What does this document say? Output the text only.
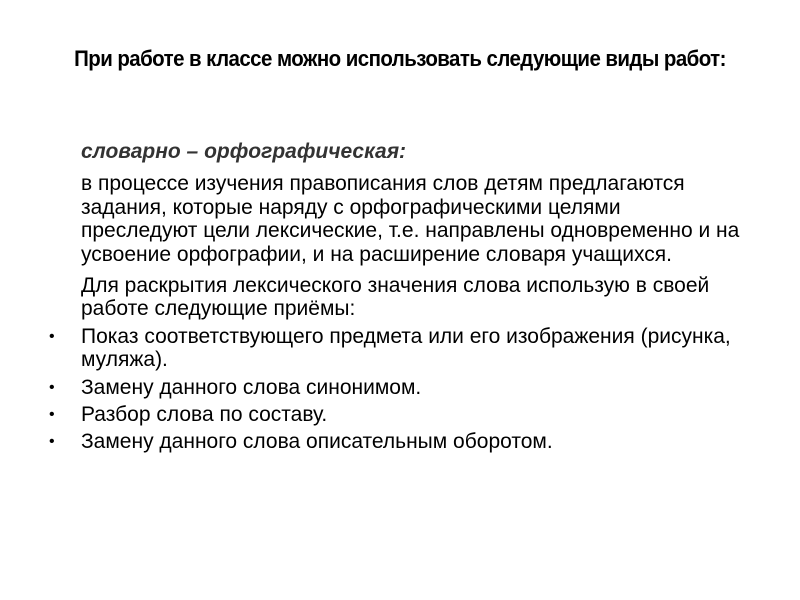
При работе в классе можно использовать следующие виды работ:

словарно – орфографическая:

в процессе изучения правописания слов детям предлагаются задания, которые наряду с орфографическими целями преследуют цели лексические, т.е. направлены одновременно и на усвоение орфографии, и на расширение словаря учащихся.

Для раскрытия лексического значения слова использую в своей работе следующие приёмы:

• Показ соответствующего предмета или его изображения (рисунка, муляжа).
• Замену данного слова синонимом.
• Разбор слова по составу.
• Замену данного слова описательным оборотом.
